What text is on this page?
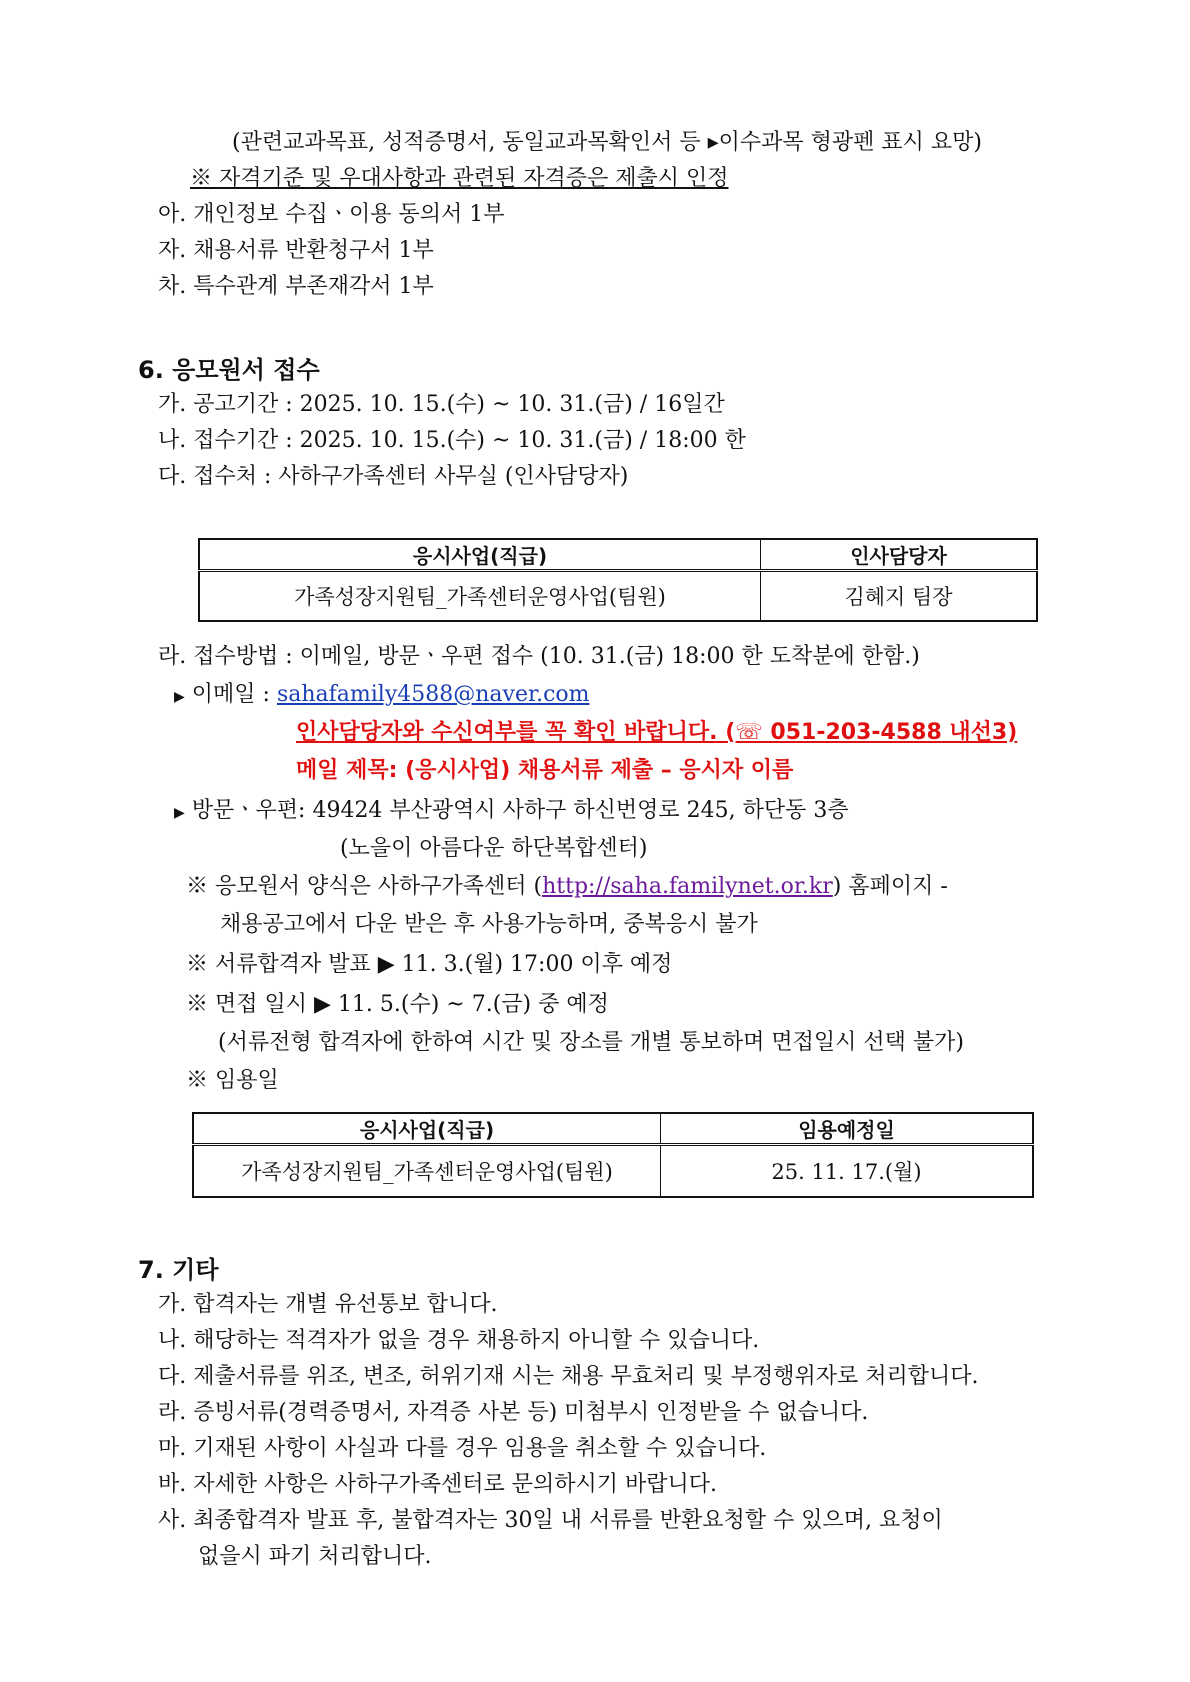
(관련교과목표, 성적증명서, 동일교과목확인서 등 ▸이수과목 형광펜 표시 요망)
※ 자격기준 및 우대사항과 관련된 자격증은 제출시 인정
아. 개인정보 수집ㆍ이용 동의서 1부
자. 채용서류 반환청구서 1부
차. 특수관계 부존재각서 1부
6. 응모원서 접수
가. 공고기간 : 2025. 10. 15.(수) ~ 10. 31.(금) / 16일간
나. 접수기간 : 2025. 10. 15.(수) ~ 10. 31.(금) / 18:00 한
다. 접수처 : 사하구가족센터 사무실 (인사담당자)
응시사업(직급)	인사담당자
가족성장지원팀_가족센터운영사업(팀원)	김혜지 팀장
라. 접수방법 : 이메일, 방문ㆍ우편 접수 (10. 31.(금) 18:00 한 도착분에 한함.)
▶ 이메일 : sahafamily4588@naver.com
인사담당자와 수신여부를 꼭 확인 바랍니다. (☏ 051-203-4588 내선3)
메일 제목: (응시사업) 채용서류 제출 – 응시자 이름
▶ 방문ㆍ우편: 49424 부산광역시 사하구 하신번영로 245, 하단동 3층
(노을이 아름다운 하단복합센터)
※ 응모원서 양식은 사하구가족센터 (http://saha.familynet.or.kr) 홈페이지 -
채용공고에서 다운 받은 후 사용가능하며, 중복응시 불가
※ 서류합격자 발표 ▶ 11. 3.(월) 17:00 이후 예정
※ 면접 일시 ▶ 11. 5.(수) ~ 7.(금) 중 예정
(서류전형 합격자에 한하여 시간 및 장소를 개별 통보하며 면접일시 선택 불가)
※ 임용일
응시사업(직급)	임용예정일
가족성장지원팀_가족센터운영사업(팀원)	25. 11. 17.(월)
7. 기타
가. 합격자는 개별 유선통보 합니다.
나. 해당하는 적격자가 없을 경우 채용하지 아니할 수 있습니다.
다. 제출서류를 위조, 변조, 허위기재 시는 채용 무효처리 및 부정행위자로 처리합니다.
라. 증빙서류(경력증명서, 자격증 사본 등) 미첨부시 인정받을 수 없습니다.
마. 기재된 사항이 사실과 다를 경우 임용을 취소할 수 있습니다.
바. 자세한 사항은 사하구가족센터로 문의하시기 바랍니다.
사. 최종합격자 발표 후, 불합격자는 30일 내 서류를 반환요청할 수 있으며, 요청이
없을시 파기 처리합니다.
